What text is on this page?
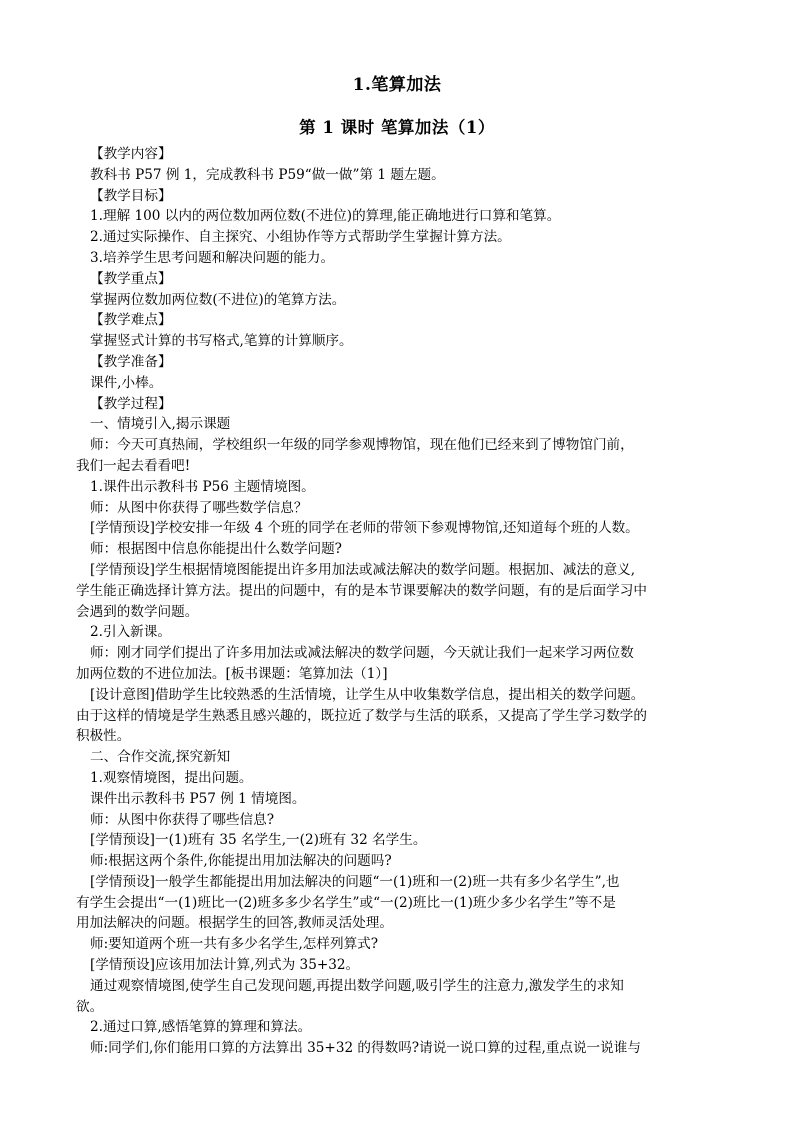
1.笔算加法
第 1 课时 笔算加法（1）
【教学内容】
教科书 P57 例 1，完成教科书 P59“做一做”第 1 题左题。
【教学目标】
1.理解 100 以内的两位数加两位数(不进位)的算理,能正确地进行口算和笔算。
2.通过实际操作、自主探究、小组协作等方式帮助学生掌握计算方法。
3.培养学生思考问题和解决问题的能力。
【教学重点】
掌握两位数加两位数(不进位)的笔算方法。
【教学难点】
掌握竖式计算的书写格式,笔算的计算顺序。
【教学准备】
课件,小棒。
【教学过程】
一、情境引入,揭示课题
师：今天可真热闹，学校组织一年级的同学参观博物馆，现在他们已经来到了博物馆门前，
我们一起去看看吧!
1.课件出示教科书 P56 主题情境图。
师：从图中你获得了哪些数学信息？
[学情预设]学校安排一年级 4 个班的同学在老师的带领下参观博物馆,还知道每个班的人数。
师：根据图中信息你能提出什么数学问题?
[学情预设]学生根据情境图能提出许多用加法或减法解决的数学问题。根据加、减法的意义,
学生能正确选择计算方法。提出的问题中，有的是本节课要解决的数学问题，有的是后面学习中
会遇到的数学问题。
2.引入新课。
师：刚才同学们提出了许多用加法或减法解决的数学问题，今天就让我们一起来学习两位数
加两位数的不进位加法。[板书课题：笔算加法（1）]
[设计意图]借助学生比较熟悉的生活情境，让学生从中收集数学信息，提出相关的数学问题。
由于这样的情境是学生熟悉且感兴趣的，既拉近了数学与生活的联系，又提高了学生学习数学的
积极性。
二、合作交流,探究新知
1.观察情境图，提出问题。
课件出示教科书 P57 例 1 情境图。
师：从图中你获得了哪些信息?
[学情预设]一(1)班有 35 名学生,一(2)班有 32 名学生。
师:根据这两个条件,你能提出用加法解决的问题吗?
[学情预设]一般学生都能提出用加法解决的问题“一(1)班和一(2)班一共有多少名学生”,也
有学生会提出“一(1)班比一(2)班多多少名学生”或“一(2)班比一(1)班少多少名学生”等不是
用加法解决的问题。根据学生的回答,教师灵活处理。
师:要知道两个班一共有多少名学生,怎样列算式?
[学情预设]应该用加法计算,列式为 35+32。
通过观察情境图,使学生自己发现问题,再提出数学问题,吸引学生的注意力,激发学生的求知
欲。
2.通过口算,感悟笔算的算理和算法。
师:同学们,你们能用口算的方法算出 35+32 的得数吗?请说一说口算的过程,重点说一说谁与
